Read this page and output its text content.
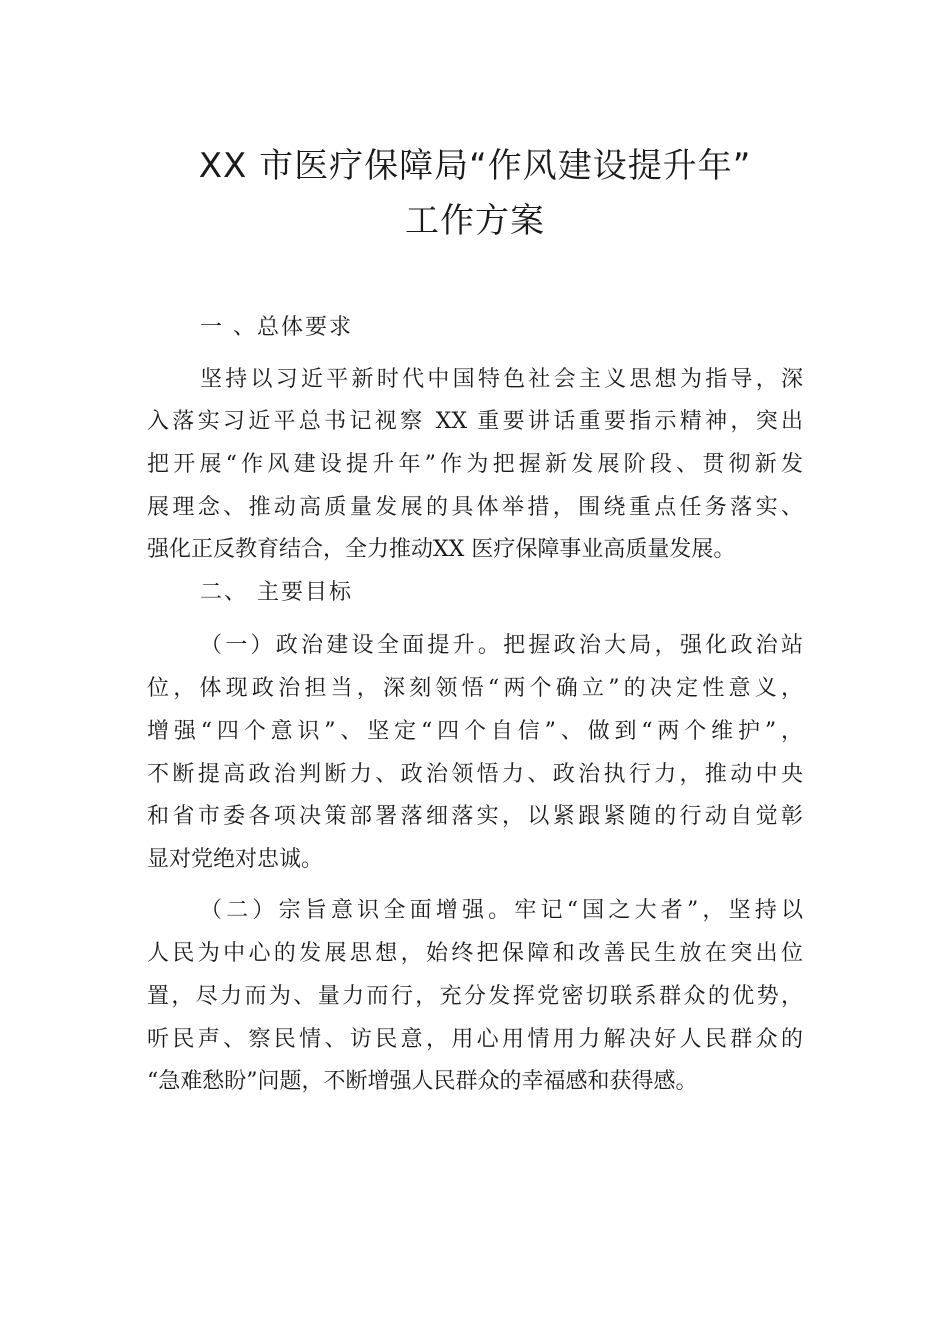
XX 市医疗保障局“作风建设提升年”
工作方案
一 、总体要求
坚持以习近平新时代中国特色社会主义思想为指导，深
入落实习近平总书记视察 XX 重要讲话重要指示精神，突出
把开展“作风建设提升年”作为把握新发展阶段、贯彻新发
展理念、推动高质量发展的具体举措，围绕重点任务落实、
强化正反教育结合，全力推动XX 医疗保障事业高质量发展。
二、 主要目标
（一）政治建设全面提升。把握政治大局，强化政治站
位，体现政治担当，深刻领悟“两个确立”的决定性意义，
增强“四个意识”、坚定“四个自信”、做到“两个维护”，
不断提高政治判断力、政治领悟力、政治执行力，推动中央
和省市委各项决策部署落细落实，以紧跟紧随的行动自觉彰
显对党绝对忠诚。
（二）宗旨意识全面增强。牢记“国之大者”，坚持以
人民为中心的发展思想，始终把保障和改善民生放在突出位
置，尽力而为、量力而行，充分发挥党密切联系群众的优势，
听民声、察民情、访民意，用心用情用力解决好人民群众的
“急难愁盼”问题，不断增强人民群众的幸福感和获得感。
